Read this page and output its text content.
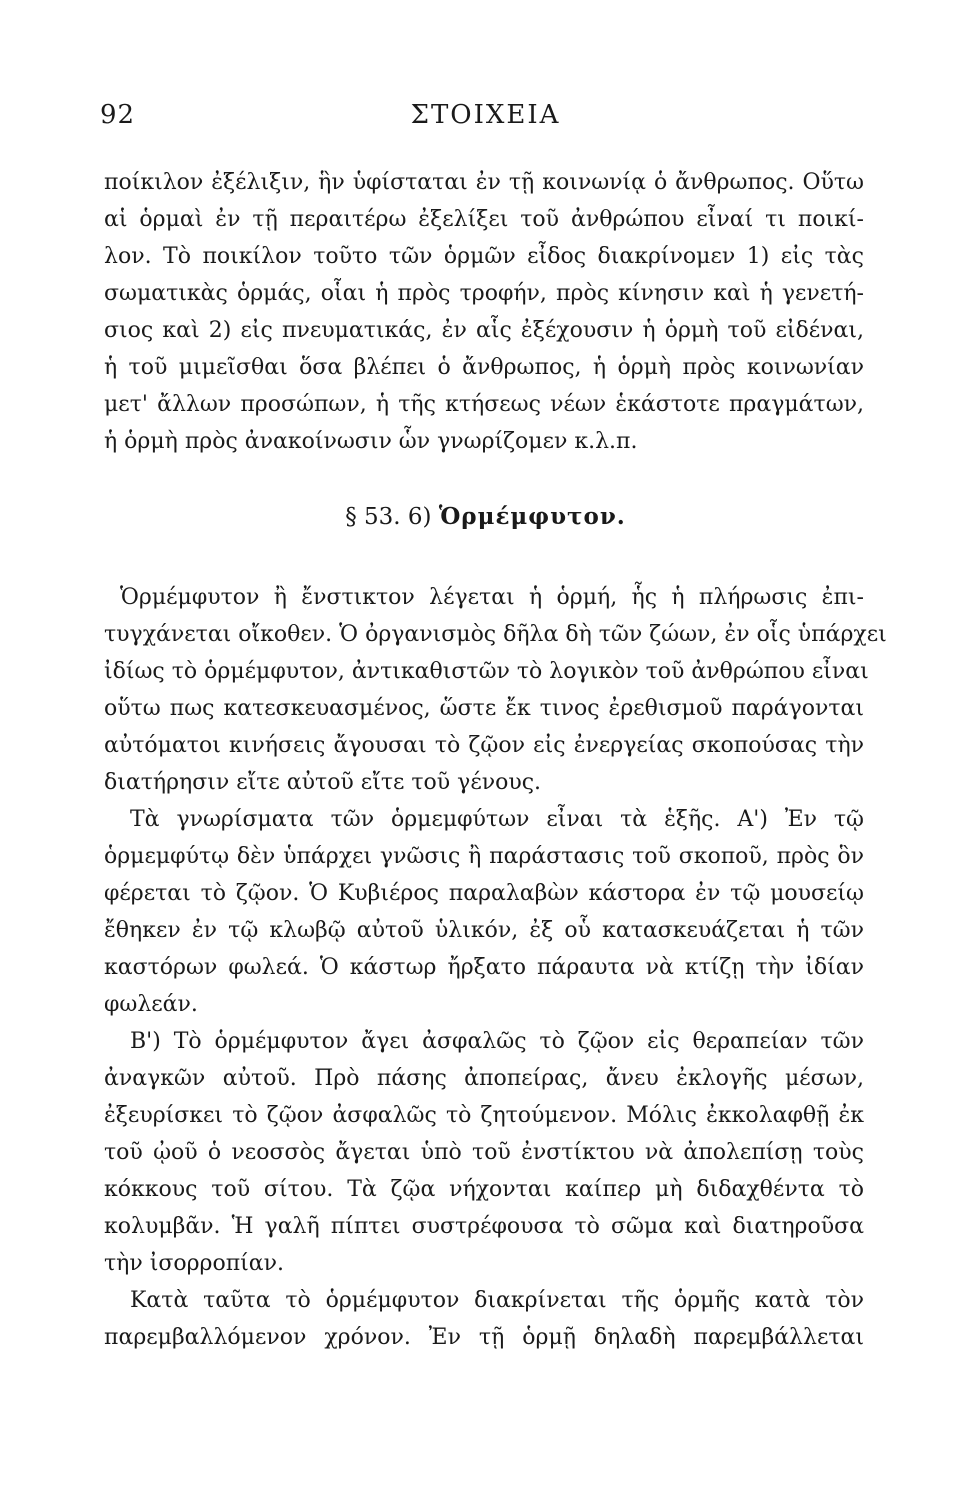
92	ΣΤΟΙΧΕΙΑ
ποίκιλον ἐξέλιξιν, ἣν ὑφίσταται ἐν τῇ κοινωνίᾳ ὁ ἄνθρωπος. Οὕτω
αἱ ὁρμαὶ ἐν τῇ περαιτέρω ἐξελίξει τοῦ ἀνθρώπου εἶναί τι ποικί-
λον. Τὸ ποικίλον τοῦτο τῶν ὁρμῶν εἶδος διακρίνομεν 1) εἰς τὰς
σωματικὰς ὁρμάς, οἷαι ἡ πρὸς τροφήν, πρὸς κίνησιν καὶ ἡ γενετή-
σιος καὶ 2) εἰς πνευματικάς, ἐν αἷς ἐξέχουσιν ἡ ὁρμὴ τοῦ εἰδέναι,
ἡ τοῦ μιμεῖσθαι ὅσα βλέπει ὁ ἄνθρωπος, ἡ ὁρμὴ πρὸς κοινωνίαν
μετ' ἄλλων προσώπων, ἡ τῆς κτήσεως νέων ἑκάστοτε πραγμάτων,
ἡ ὁρμὴ πρὸς ἀνακοίνωσιν ὧν γνωρίζομεν κ.λ.π.
§ 53. 6) Ὁρμέμφυτον.
Ὁρμέμφυτον ἢ ἔνστικτον λέγεται ἡ ὁρμή, ἧς ἡ πλήρωσις ἐπι-
τυγχάνεται οἴκοθεν. Ὁ ὀργανισμὸς δῆλα δὴ τῶν ζώων, ἐν οἷς ὑπάρχει
ἰδίως τὸ ὁρμέμφυτον, ἀντικαθιστῶν τὸ λογικὸν τοῦ ἀνθρώπου εἶναι
οὕτω πως κατεσκευασμένος, ὥστε ἔκ τινος ἐρεθισμοῦ παράγονται
αὐτόματοι κινήσεις ἄγουσαι τὸ ζῷον εἰς ἐνεργείας σκοπούσας τὴν
διατήρησιν εἴτε αὐτοῦ εἴτε τοῦ γένους.
Τὰ γνωρίσματα τῶν ὁρμεμφύτων εἶναι τὰ ἑξῆς. Α') Ἐν τῷ
ὁρμεμφύτῳ δὲν ὑπάρχει γνῶσις ἢ παράστασις τοῦ σκοποῦ, πρὸς ὃν
φέρεται τὸ ζῷον. Ὁ Κυβιέρος παραλαβὼν κάστορα ἐν τῷ μουσείῳ
ἔθηκεν ἐν τῷ κλωβῷ αὐτοῦ ὑλικόν, ἐξ οὗ κατασκευάζεται ἡ τῶν
καστόρων φωλεά. Ὁ κάστωρ ἤρξατο πάραυτα νὰ κτίζῃ τὴν ἰδίαν
φωλεάν.
Β') Τὸ ὁρμέμφυτον ἄγει ἀσφαλῶς τὸ ζῷον εἰς θεραπείαν τῶν
ἀναγκῶν αὐτοῦ. Πρὸ πάσης ἀποπείρας, ἄνευ ἐκλογῆς μέσων,
ἐξευρίσκει τὸ ζῷον ἀσφαλῶς τὸ ζητούμενον. Μόλις ἐκκολαφθῇ ἐκ
τοῦ ᾠοῦ ὁ νεοσσὸς ἄγεται ὑπὸ τοῦ ἐνστίκτου νὰ ἀπολεπίσῃ τοὺς
κόκκους τοῦ σίτου. Τὰ ζῷα νήχονται καίπερ μὴ διδαχθέντα τὸ
κολυμβᾶν. Ἡ γαλῆ πίπτει συστρέφουσα τὸ σῶμα καὶ διατηροῦσα
τὴν ἰσορροπίαν.
Κατὰ ταῦτα τὸ ὁρμέμφυτον διακρίνεται τῆς ὁρμῆς κατὰ τὸν
παρεμβαλλόμενον χρόνον. Ἐν τῇ ὁρμῇ δηλαδὴ παρεμβάλλεται
